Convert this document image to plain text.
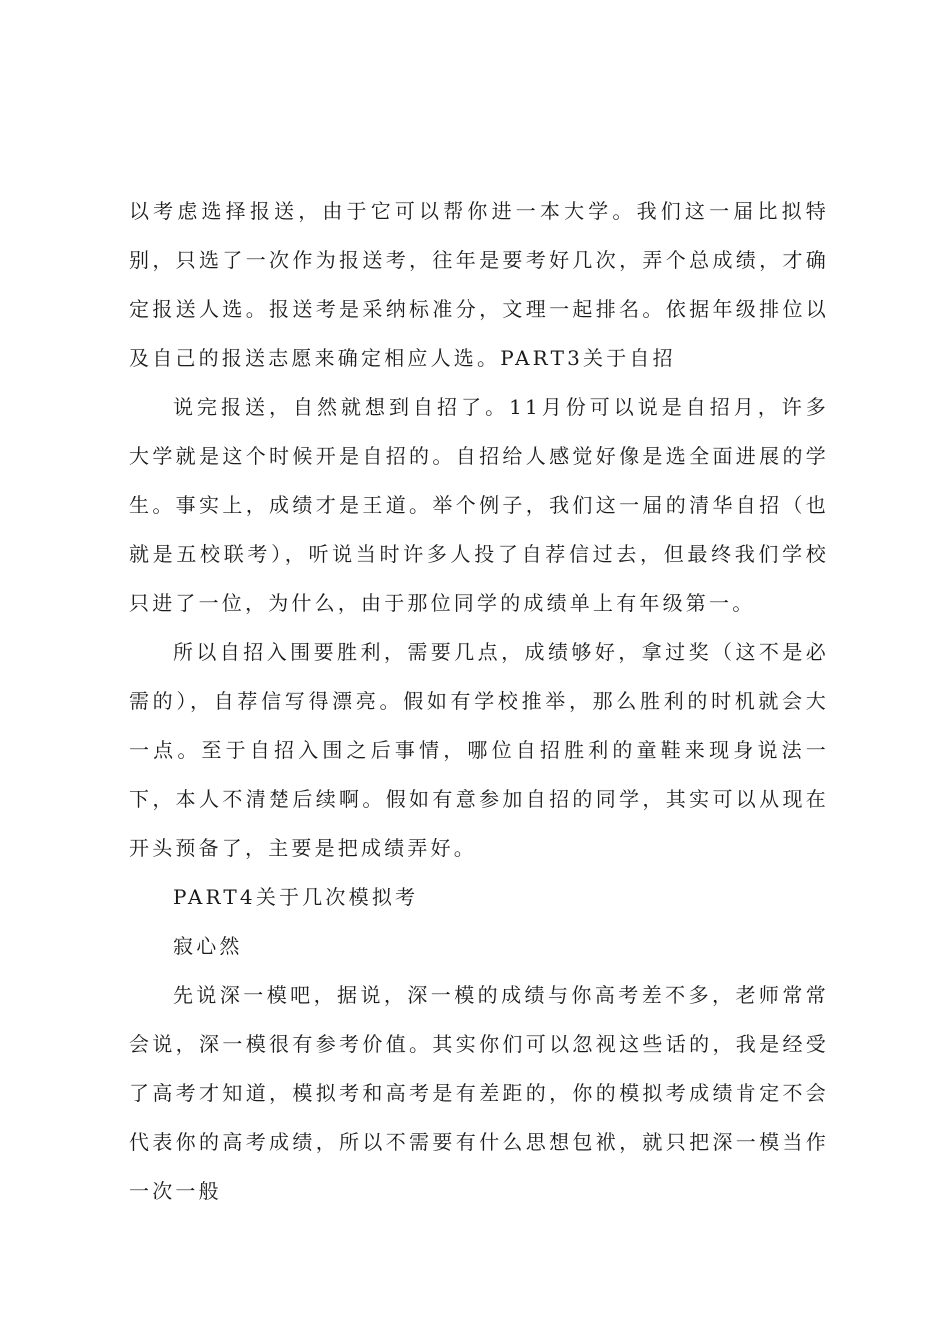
以考虑选择报送，由于它可以帮你进一本大学。我们这一届比拟特别，只选了一次作为报送考，往年是要考好几次，弄个总成绩，才确定报送人选。报送考是采纳标准分，文理一起排名。依据年级排位以及自己的报送志愿来确定相应人选。PART3关于自招

说完报送，自然就想到自招了。11月份可以说是自招月，许多大学就是这个时候开是自招的。自招给人感觉好像是选全面进展的学生。事实上，成绩才是王道。举个例子，我们这一届的清华自招（也就是五校联考），听说当时许多人投了自荐信过去，但最终我们学校只进了一位，为什么，由于那位同学的成绩单上有年级第一。

所以自招入围要胜利，需要几点，成绩够好，拿过奖（这不是必需的），自荐信写得漂亮。假如有学校推举，那么胜利的时机就会大一点。至于自招入围之后事情，哪位自招胜利的童鞋来现身说法一下，本人不清楚后续啊。假如有意参加自招的同学，其实可以从现在开头预备了，主要是把成绩弄好。

PART4关于几次模拟考

寂心然

先说深一模吧，据说，深一模的成绩与你高考差不多，老师常常会说，深一模很有参考价值。其实你们可以忽视这些话的，我是经受了高考才知道，模拟考和高考是有差距的，你的模拟考成绩肯定不会代表你的高考成绩，所以不需要有什么思想包袱，就只把深一模当作一次一般
